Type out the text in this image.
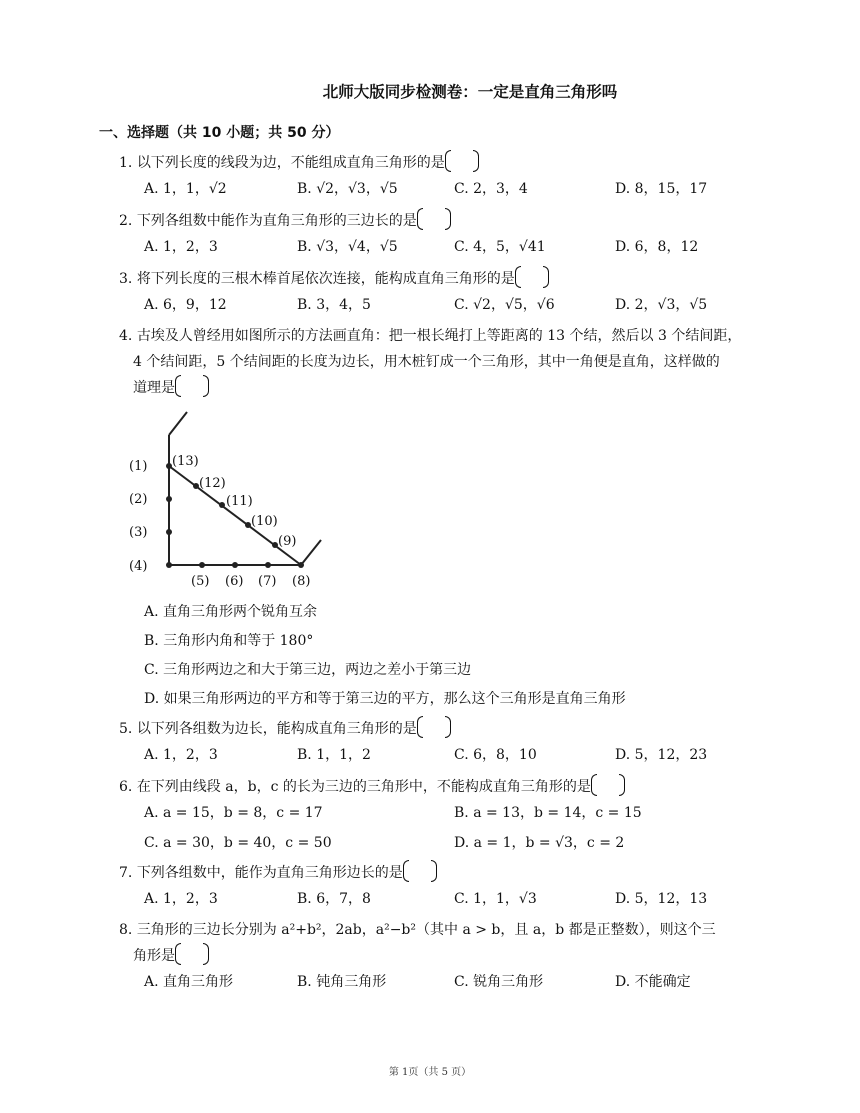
北师大版同步检测卷：一定是直角三角形吗
一、选择题（共 10 小题；共 50 分）
1. 以下列长度的线段为边，不能组成直角三角形的是
A. 1，1，√2	B. √2，√3，√5	C. 2，3，4	D. 8，15，17
2. 下列各组数中能作为直角三角形的三边长的是
A. 1，2，3	B. √3，√4，√5	C. 4，5，√41	D. 6，8，12
3. 将下列长度的三根木棒首尾依次连接，能构成直角三角形的是
A. 6，9，12	B. 3，4，5	C. √2，√5，√6	D. 2，√3，√5
4. 古埃及人曾经用如图所示的方法画直角：把一根长绳打上等距离的 13 个结，然后以 3 个结间距，
4 个结间距，5 个结间距的长度为边长，用木桩钉成一个三角形，其中一角便是直角，这样做的
道理是
(1)
(2)
(3)
(4)
(5) (6) (7) (8)
(9)
(10)
(11)
(12)
(13)
A. 直角三角形两个锐角互余
B. 三角形内角和等于 180°
C. 三角形两边之和大于第三边，两边之差小于第三边
D. 如果三角形两边的平方和等于第三边的平方，那么这个三角形是直角三角形
5. 以下列各组数为边长，能构成直角三角形的是
A. 1，2，3	B. 1，1，2	C. 6，8，10	D. 5，12，23
6. 在下列由线段 a，b，c 的长为三边的三角形中，不能构成直角三角形的是
A. a = 15，b = 8，c = 17	B. a = 13，b = 14，c = 15
C. a = 30，b = 40，c = 50	D. a = 1，b = √3，c = 2
7. 下列各组数中，能作为直角三角形边长的是
A. 1，2，3	B. 6，7，8	C. 1，1，√3	D. 5，12，13
8. 三角形的三边长分别为 a²+b²，2ab，a²−b²（其中 a > b，且 a，b 都是正整数），则这个三
角形是
A. 直角三角形	B. 钝角三角形	C. 锐角三角形	D. 不能确定
第 1页（共 5 页）
